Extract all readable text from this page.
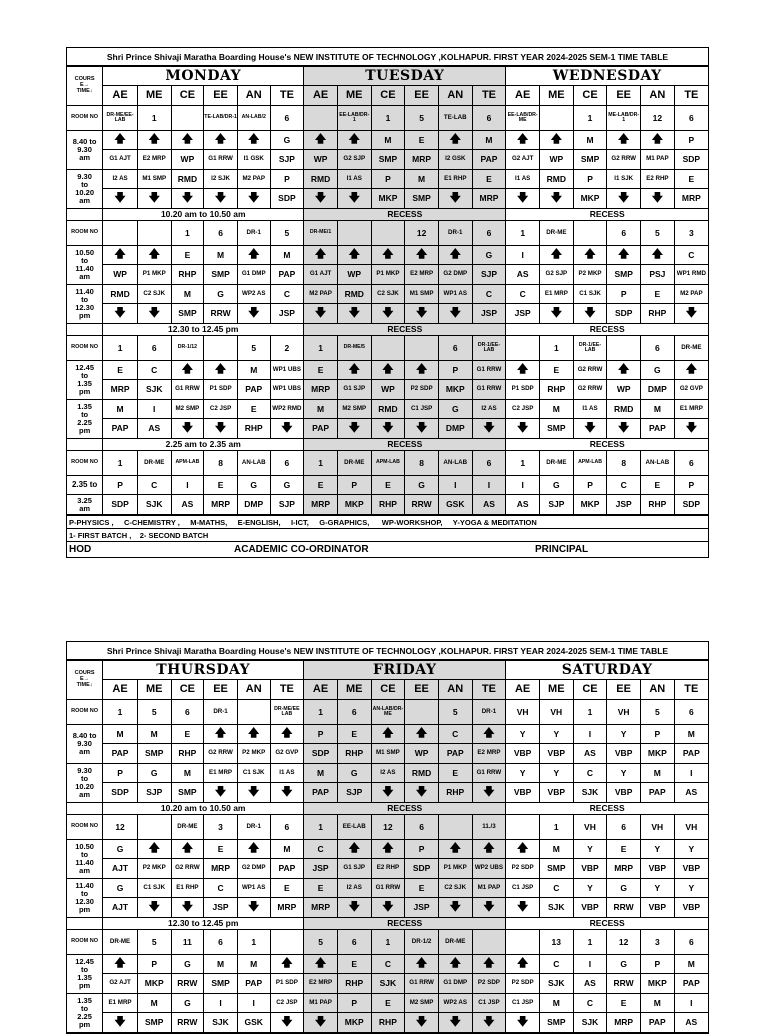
Shri Prince Shivaji Maratha Boarding House's NEW INSTITUTE OF TECHNOLOGY ,KOLHAPUR. FIRST YEAR 2024-2025 SEM-1 TIME TABLE
COURS
E→
TIME↓	MONDAY						TUESDAY						WEDNESDAY					
	AE	ME	CE	EE	AN	TE	AE	ME	CE	EE	AN	TE	AE	ME	CE	EE	AN	TE
ROOM NO	DR-ME/EE-LAB	1		TE-LAB/DR-1	AN-LAB/2	6		EE-LAB/DR-1	1	5	TE-LAB	6	EE-LAB/DR-ME		1	ME-LAB/DR-1	12	6

8.40 to
9.30
am	🡅	🡅	🡅	🡅	🡅	G	🡅	🡅	M	E	🡅	M	🡅	🡅	M	🡅	🡅	P
	G1 AJT	E2 MRP	WP	G1 RRW	I1 GSK	SJP	WP	G2 SJP	SMP	MRP	I2 GSK	PAP	G2 AJT	WP	SMP	G2 RRW	M1 PAP	SDP

9.30
to
10.20
am	I2 AS	M1 SMP	RMD	I2 SJK	M2 PAP	P	RMD	I1 AS	P	M	E1 RHP	E	I1 AS	RMD	P	I1 SJK	E2 RHP	E
	🡇	🡇	🡇	🡇	🡇	SDP	🡇	🡇	MKP	SMP	🡇	MRP	🡇	🡇	MKP	🡇	🡇	MRP
	10.20 am to 10.50 am						RECESS						RECESS					
ROOM NO			1	6	DR-1	5	DR-ME/1			12	DR-1	6	1	DR-ME		6	5	3

10.50
to
11.40
am	🡅	🡅	E	M	🡅	M	🡅	🡅	🡅	🡅	🡅	G	I	🡅	🡅	🡅	🡅	C
	WP	P1 MKP	RHP	SMP	G1 DMP	PAP	G1 AJT	WP	P1 MKP	E2 MRP	G2 DMP	SJP	AS	G2 SJP	P2 MKP	SMP	PSJ	WP1 RMD

11.40
to
12.30
pm	RMD	C2 SJK	M	G	WP2 AS	C	M2 PAP	RMD	C2 SJK	M1 SMP	WP1 AS	C	C	E1 MRP	C1 SJK	P	E	M2 PAP
	🡇	🡇	SMP	RRW	🡇	JSP	🡇	🡇	🡇	🡇	🡇	JSP	JSP	🡇	🡇	SDP	RHP	🡇
	12.30 to 12.45 pm						RECESS						RECESS					
ROOM NO	1	6	DR-1/12		5	2	1	DR-ME/5			6	DR-1/EE-LAB		1	DR-1/EE-LAB		6	DR-ME

12.45
to
1.35
pm	E	C	🡅	🡅	M	WP1 UBS	E	🡅	🡅	🡅	P	G1 RRW	🡅	E	G2 RRW	🡅	G	🡅
	MRP	SJK	G1 RRW	P1 SDP	PAP	WP1 UBS	MRP	G1 SJP	WP	P2 SDP	MKP	G1 RRW	P1 SDP	RHP	G2 RRW	WP	DMP	G2 GVP

1.35
to
2.25
pm	M	I	M2 SMP	C2 JSP	E	WP2 RMD	M	M2 SMP	RMD	C1 JSP	G	I2 AS	C2 JSP	M	I1 AS	RMD	M	E1 MRP
	PAP	AS	🡇	🡇	RHP	🡇	PAP	🡇	🡇	🡇	DMP	🡇	🡇	SMP	🡇	🡇	PAP	🡇
	2.25 am to 2.35 am						RECESS						RECESS					
ROOM NO	1	DR-ME	APM-LAB	8	AN-LAB	6	1	DR-ME	APM-LAB	8	AN-LAB	6	1	DR-ME	APM-LAB	8	AN-LAB	6
2.35 to	P	C	I	E	G	G	E	P	E	G	I	I	I	G	P	C	E	P

3.25
am	SDP	SJK	AS	MRP	DMP	SJP	MRP	MKP	RHP	RRW	GSK	AS	AS	SJP	MKP	JSP	RHP	SDP
P-PHYSICS ,     C-CHEMISTRY ,     M-MATHS,     E-ENGLISH,     I-ICT,     G-GRAPHICS,      WP-WORKSHOP,     Y-YOGA & MEDITATION
1- FIRST BATCH ,    2- SECOND BATCH
HOD	ACADEMIC CO-ORDINATOR	PRINCIPAL
Shri Prince Shivaji Maratha Boarding House's NEW INSTITUTE OF TECHNOLOGY ,KOLHAPUR. FIRST YEAR 2024-2025 SEM-1 TIME TABLE
COURS
E→
TIME↓	THURSDAY						FRIDAY						SATURDAY					
	AE	ME	CE	EE	AN	TE	AE	ME	CE	EE	AN	TE	AE	ME	CE	EE	AN	TE
ROOM NO	1	5	6	DR-1		DR-ME/EE LAB	1	6	AN-LAB/DR-ME		5	DR-1	VH	VH	1	VH	5	6

8.40 to
9.30
am	M	M	E	🡅	🡅	🡅	P	E	🡅	🡅	C	🡅	Y	Y	I	Y	P	M
	PAP	SMP	RHP	G2 RRW	P2 MKP	G2 GVP	SDP	RHP	M1 SMP	WP	PAP	E2 MRP	VBP	VBP	AS	VBP	MKP	PAP

9.30
to
10.20
am	P	G	M	E1 MRP	C1 SJK	I1 AS	M	G	I2 AS	RMD	E	G1 RRW	Y	Y	C	Y	M	I
	SDP	SJP	SMP	🡇	🡇	🡇	PAP	SJP	🡇	🡇	RHP	🡇	VBP	VBP	SJK	VBP	PAP	AS
	10.20 am to 10.50 am						RECESS						RECESS					
ROOM NO	12		DR-ME	3	DR-1	6	1	EE-LAB	12	6		11./3		1	VH	6	VH	VH

10.50
to
11.40
am	G	🡅	🡅	E	🡅	M	C	🡅	🡅	P	🡅	🡅	🡅	M	Y	E	Y	Y
	AJT	P2 MKP	G2 RRW	MRP	G2 DMP	PAP	JSP	G1 SJP	E2 RHP	SDP	P1 MKP	WP2 UBS	P2 SDP	SMP	VBP	MRP	VBP	VBP

11.40
to
12.30
pm	G	C1 SJK	E1 RHP	C	WP1 AS	E	E	I2 AS	G1 RRW	E	C2 SJK	M1 PAP	C1 JSP	C	Y	G	Y	Y
	AJT	🡇	🡇	JSP	🡇	MRP	MRP	🡇	🡇	JSP	🡇	🡇	🡇	SJK	VBP	RRW	VBP	VBP
	12.30 to 12.45 pm						RECESS						RECESS					
ROOM NO	DR-ME	5	11	6	1		5	6	1	DR-1/2	DR-ME			13	1	12	3	6

12.45
to
1.35
pm	🡅	P	G	M	M	🡅	🡅	E	C	🡅	🡅	🡅	🡅	C	I	G	P	M
	G2 AJT	MKP	RRW	SMP	PAP	P1 SDP	E2 MRP	RHP	SJK	G1 RRW	G1 DMP	P2 SDP	P2 SDP	SJK	AS	RRW	MKP	PAP

1.35
to
2.25
pm	E1 MRP	M	G	I	I	C2 JSP	M1 PAP	P	E	M2 SMP	WP2 AS	C1 JSP	C1 JSP	M	C	E	M	I
	🡇	SMP	RRW	SJK	GSK	🡇	🡇	MKP	RHP	🡇	🡇	🡇	🡇	SMP	SJK	MRP	PAP	AS
